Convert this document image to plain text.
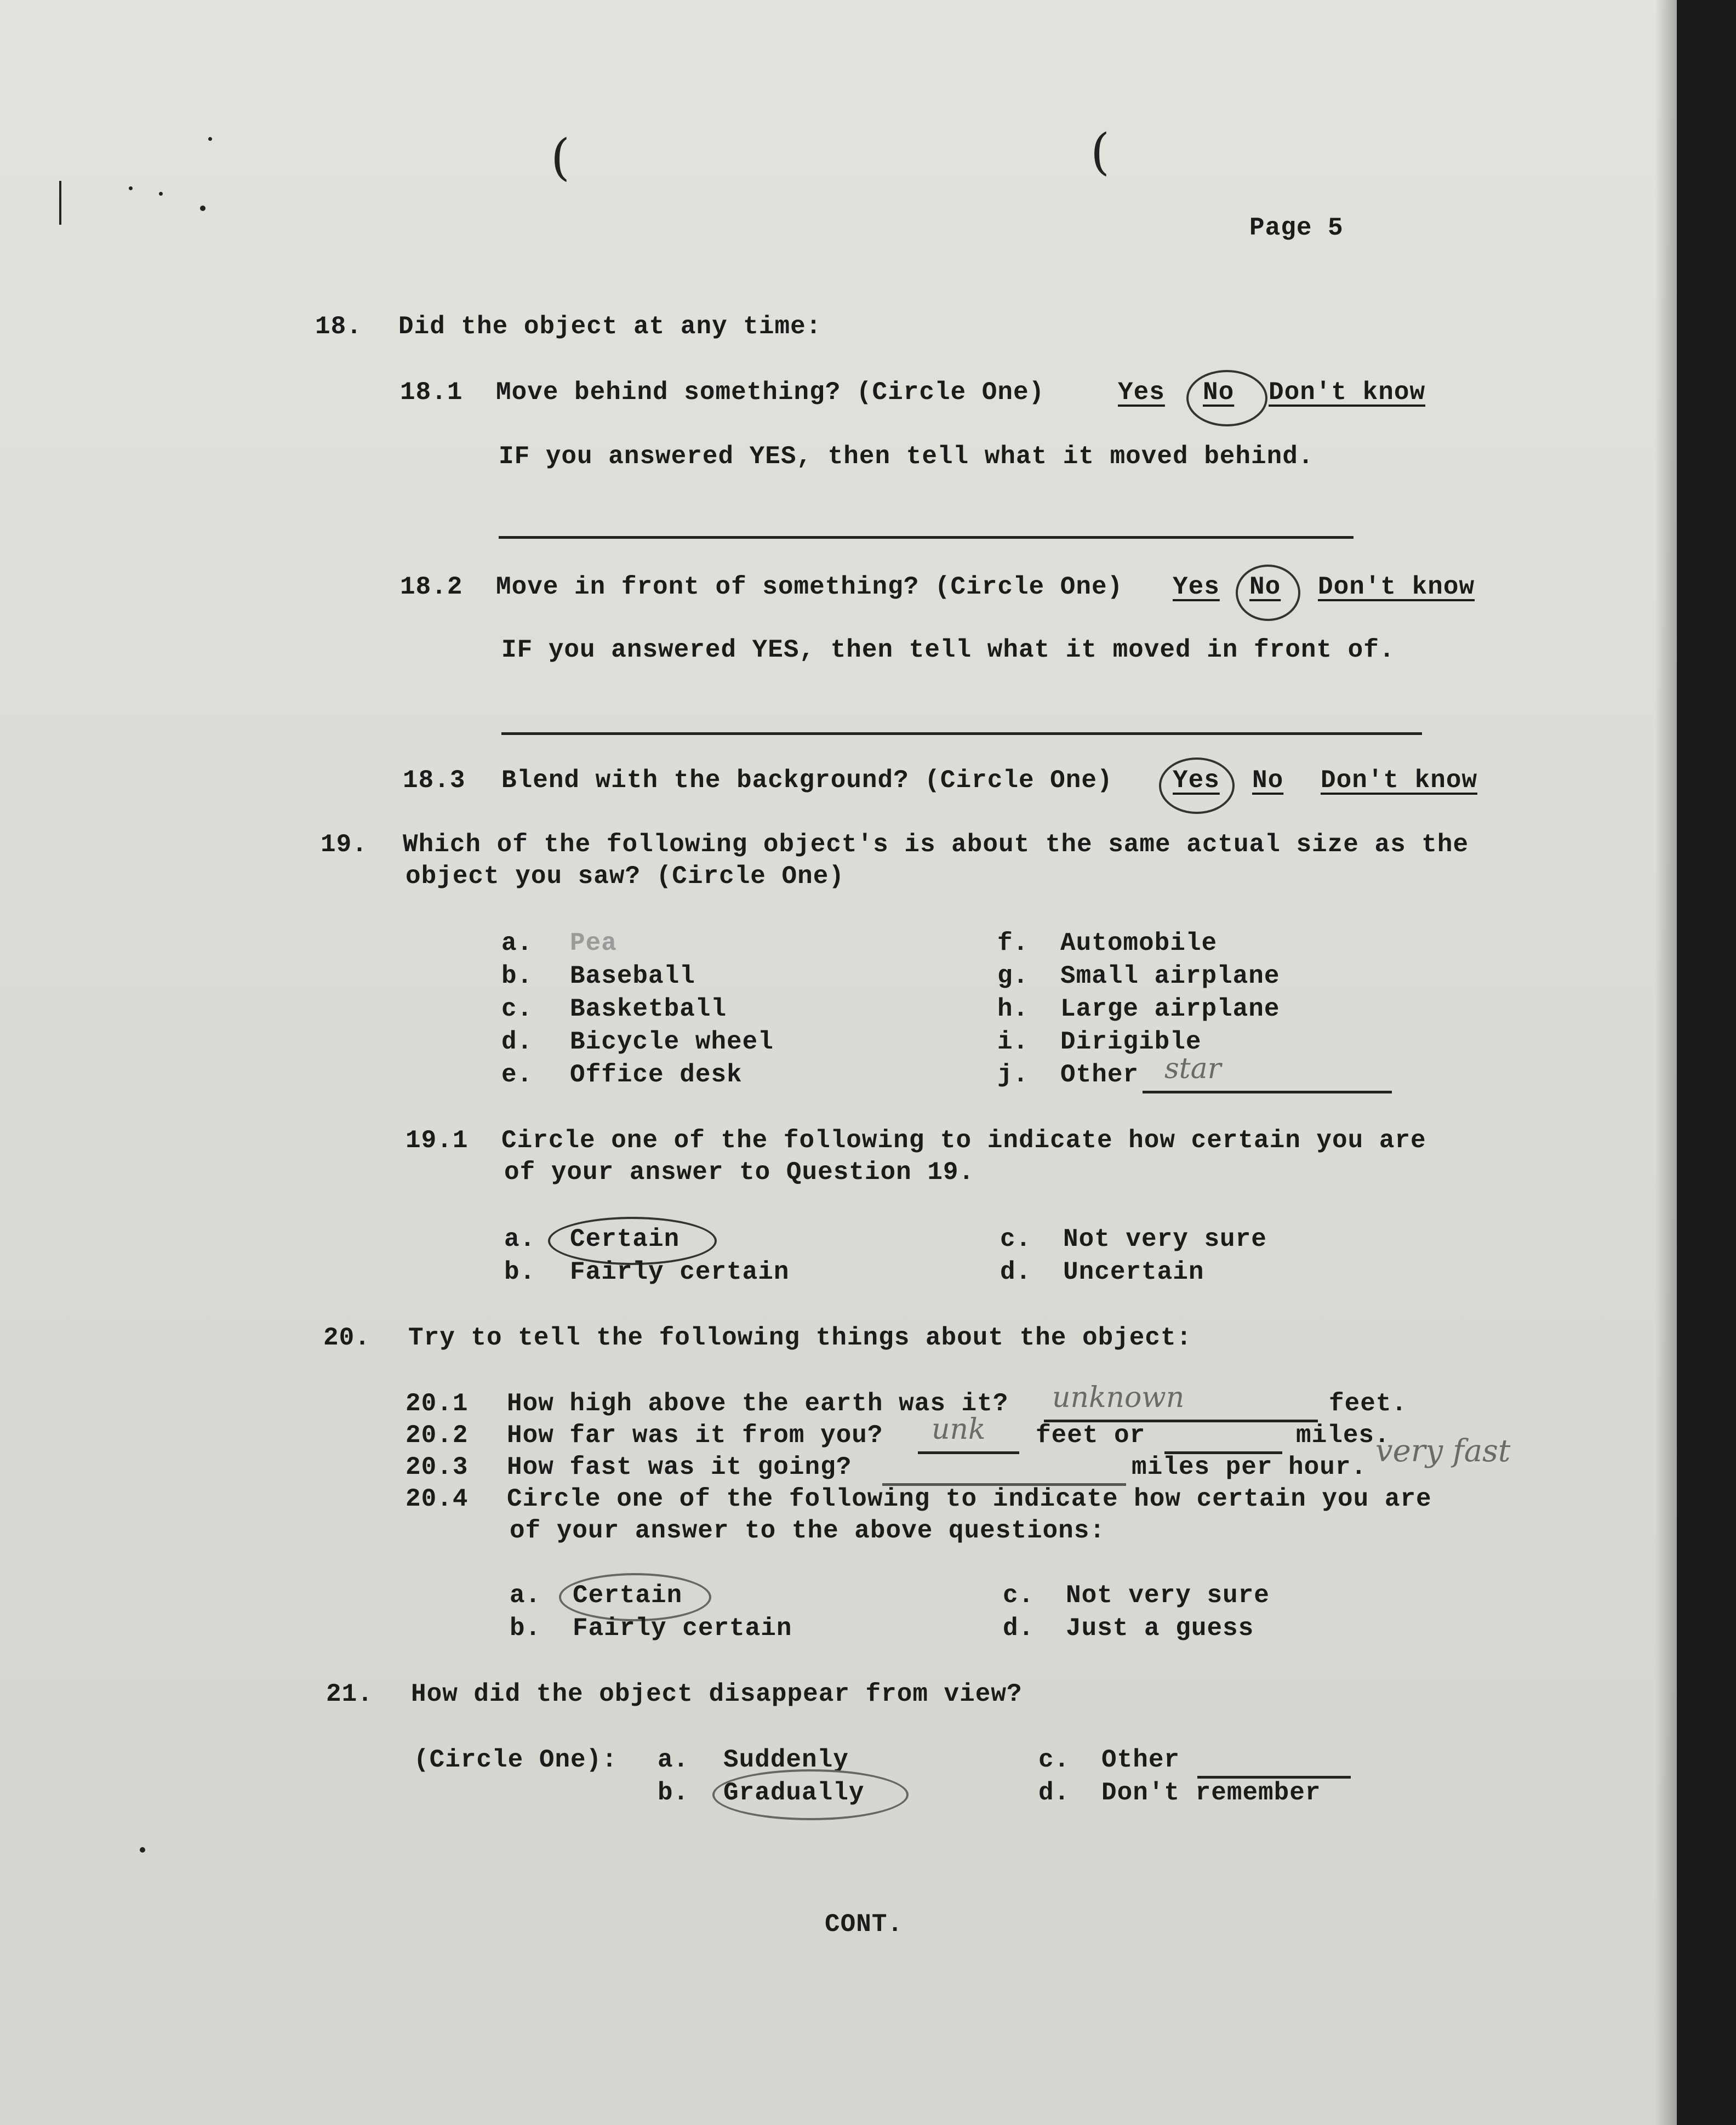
(	(
Page 5
18. Did the object at any time:
18.1 Move behind something? (Circle One)	Yes No Don't know
IF you answered YES, then tell what it moved behind.
18.2 Move in front of something? (Circle One) Yes No Don't know
IF you answered YES, then tell what it moved in front of.
18.3 Blend with the background? (Circle One) Yes No Don't know
19. Which of the following object's is about the same actual size as the
object you saw? (Circle One)
a. Pea
b. Baseball
c. Basketball
d. Bicycle wheel
e. Office desk
f. Automobile
g. Small airplane
h. Large airplane
i. Dirigible
j. Other star
19.1 Circle one of the following to indicate how certain you are
of your answer to Question 19.
a. Certain
b. Fairly certain
c. Not very sure
d. Uncertain
20. Try to tell the following things about the object:
20.1 How high above the earth was it? unknown	feet.
20.2 How far was it from you? unk feet or	miles.
20.3 How fast was it going?	miles per hour. very fast
20.4 Circle one of the following to indicate how certain you are
of your answer to the above questions:
a. Certain
b. Fairly certain
c. Not very sure
d. Just a guess
21. How did the object disappear from view?
(Circle One): a. Suddenly
b. Gradually
c. Other
d. Don't remember
CONT.
